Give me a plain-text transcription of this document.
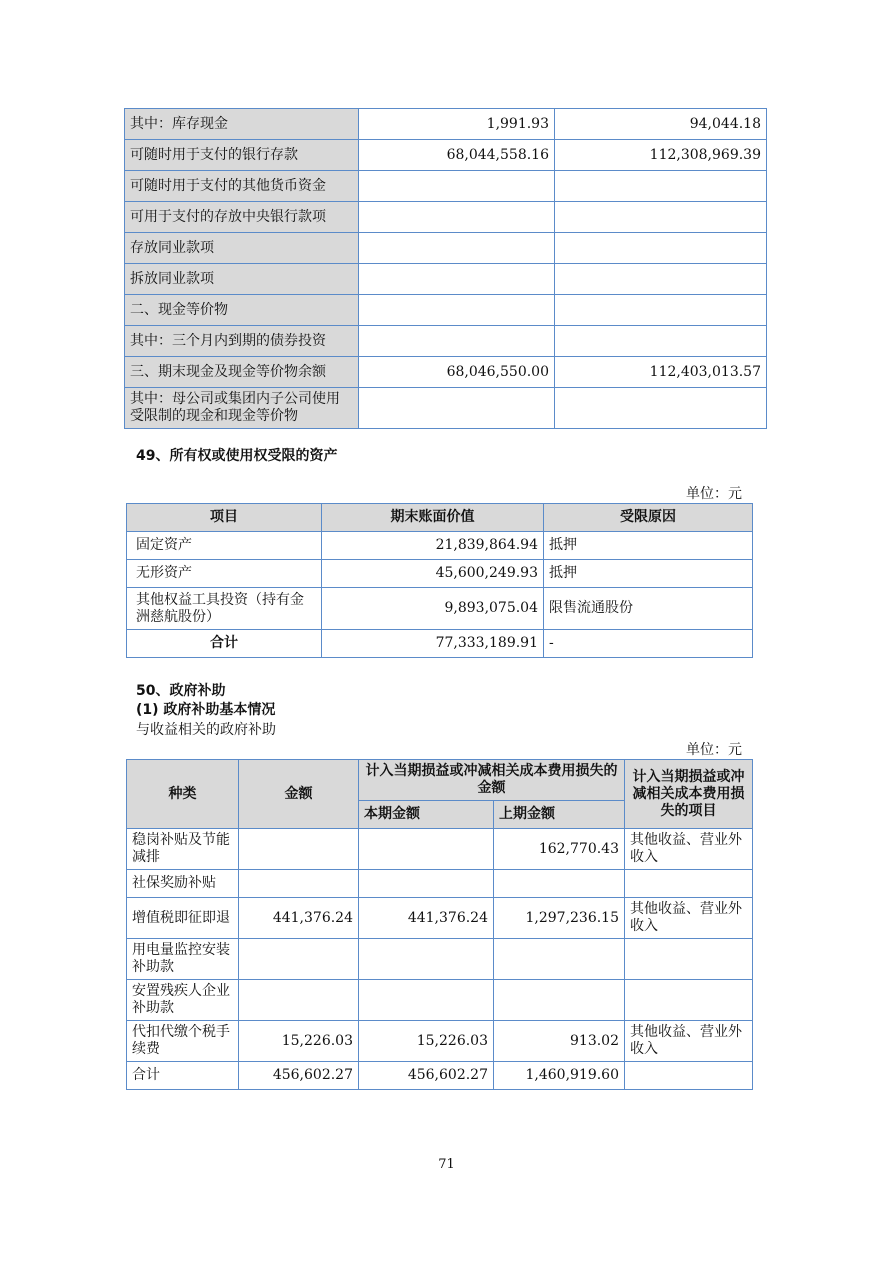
其中：库存现金	1,991.93	94,044.18
可随时用于支付的银行存款	68,044,558.16	112,308,969.39
可随时用于支付的其他货币资金		
可用于支付的存放中央银行款项		
存放同业款项		
拆放同业款项		
二、现金等价物		
其中：三个月内到期的债券投资		
三、期末现金及现金等价物余额	68,046,550.00	112,403,013.57
其中：母公司或集团内子公司使用受限制的现金和现金等价物		
49、所有权或使用权受限的资产
单位：元
项目	期末账面价值	受限原因
固定资产	21,839,864.94	抵押
无形资产	45,600,249.93	抵押
其他权益工具投资（持有金洲慈航股份）	9,893,075.04	限售流通股份
合计	77,333,189.91	-
50、政府补助
(1) 政府补助基本情况
与收益相关的政府补助
单位：元
种类	金额	计入当期损益或冲减相关成本费用损失的金额		计入当期损益或冲减相关成本费用损失的项目
		本期金额	上期金额	
稳岗补贴及节能减排			162,770.43	其他收益、营业外收入
社保奖励补贴				
增值税即征即退	441,376.24	441,376.24	1,297,236.15	其他收益、营业外收入
用电量监控安装补助款				
安置残疾人企业补助款				
代扣代缴个税手续费	15,226.03	15,226.03	913.02	其他收益、营业外收入
合计	456,602.27	456,602.27	1,460,919.60	
71
